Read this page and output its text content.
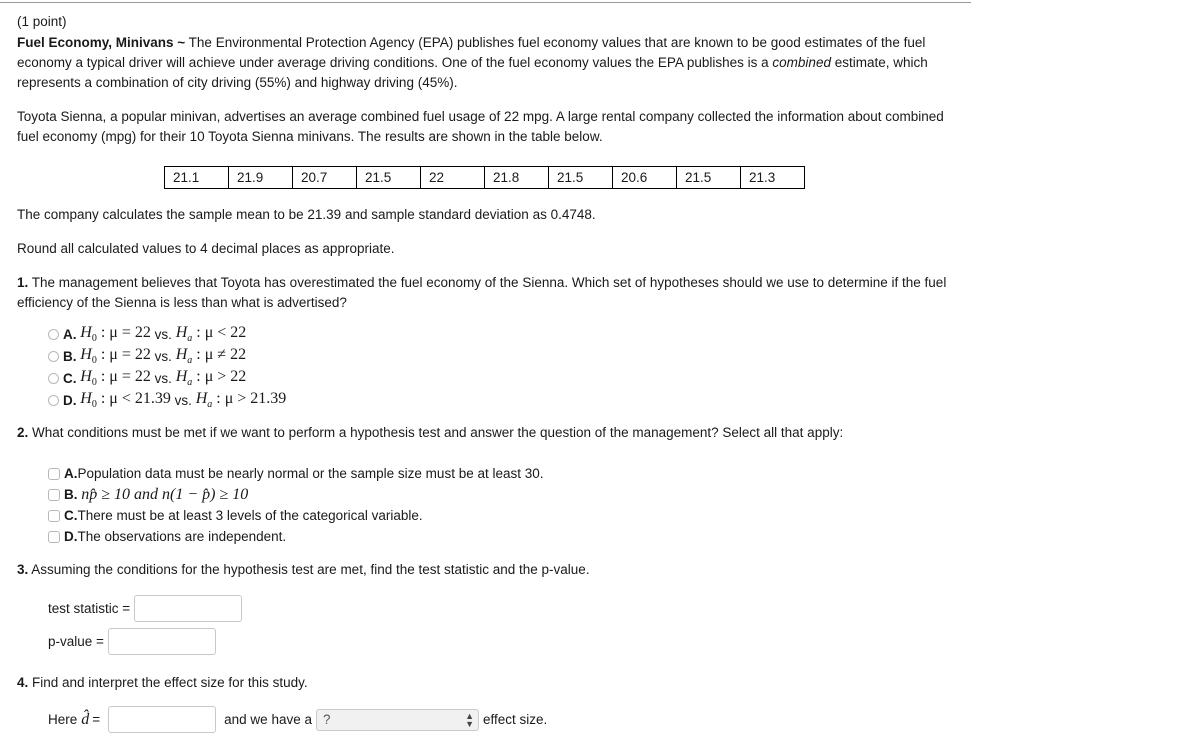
(1 point)

Fuel Economy, Minivans ~ The Environmental Protection Agency (EPA) publishes fuel economy values that are known to be good estimates of the fuel economy a typical driver will achieve under average driving conditions. One of the fuel economy values the EPA publishes is a combined estimate, which represents a combination of city driving (55%) and highway driving (45%).

Toyota Sienna, a popular minivan, advertises an average combined fuel usage of 22 mpg. A large rental company collected the information about combined fuel economy (mpg) for their 10 Toyota Sienna minivans. The results are shown in the table below.

21.1	21.9	20.7	21.5	22	21.8	21.5	20.6	21.5	21.3

The company calculates the sample mean to be 21.39 and sample standard deviation as 0.4748.

Round all calculated values to 4 decimal places as appropriate.

1. The management believes that Toyota has overestimated the fuel economy of the Sienna. Which set of hypotheses should we use to determine if the fuel efficiency of the Sienna is less than what is advertised?

A.
$H_0$ : μ = 22
vs.
$H_a$ : μ < 22
B.
$H_0$ : μ = 22
vs.
$H_a$ : μ ≠ 22
C.
$H_0$ : μ = 22
vs.
$H_a$ : μ > 22
D.
$H_0$ : μ < 21.39
vs.
$H_a$ : μ > 21.39

2. What conditions must be met if we want to perform a hypothesis test and answer the question of the management? Select all that apply:

A. Population data must be nearly normal or the sample size must be at least 30.
B.
np̂ ≥ 10 and n(1 − p̂) ≥ 10
C. There must be at least 3 levels of the categorical variable.
D. The observations are independent.

3. Assuming the conditions for the hypothesis test are met, find the test statistic and the p-value.

test statistic =
p-value =

4. Find and interpret the effect size for this study.

Here d̂ =	and we have a ?	▲
▼ effect size.
